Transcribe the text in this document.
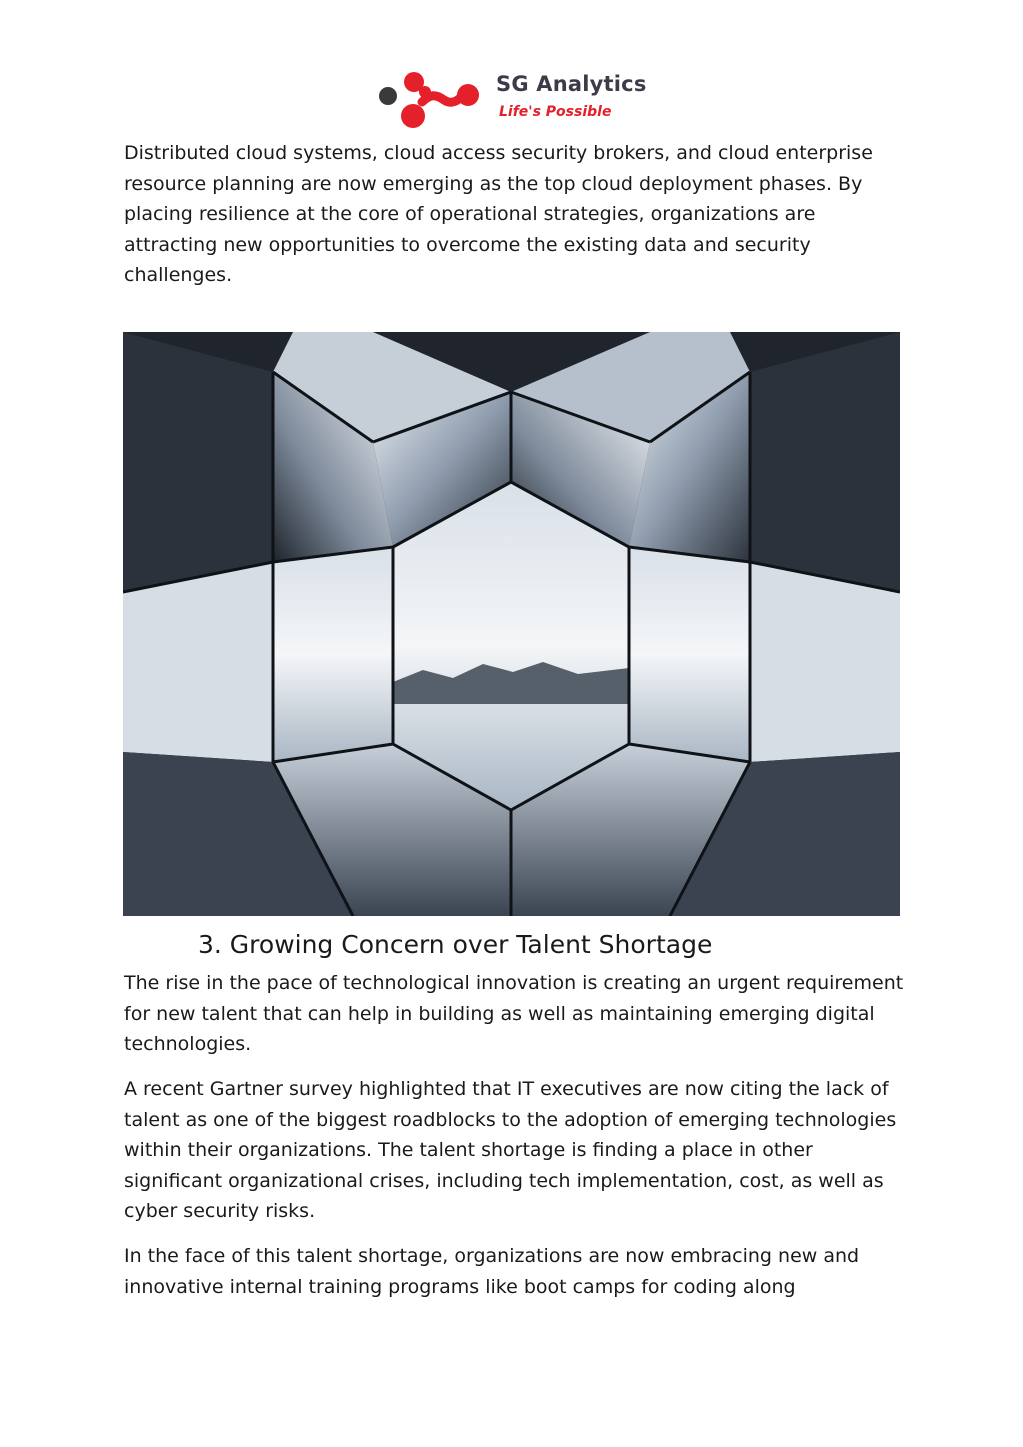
SG Analytics
Life's Possible

Distributed cloud systems, cloud access security brokers, and cloud enterprise resource planning are now emerging as the top cloud deployment phases. By placing resilience at the core of operational strategies, organizations are attracting new opportunities to overcome the existing data and security challenges.

3. Growing Concern over Talent Shortage

The rise in the pace of technological innovation is creating an urgent requirement for new talent that can help in building as well as maintaining emerging digital technologies.

A recent Gartner survey highlighted that IT executives are now citing the lack of talent as one of the biggest roadblocks to the adoption of emerging technologies within their organizations. The talent shortage is finding a place in other significant organizational crises, including tech implementation, cost, as well as cyber security risks.

In the face of this talent shortage, organizations are now embracing new and innovative internal training programs like boot camps for coding along
